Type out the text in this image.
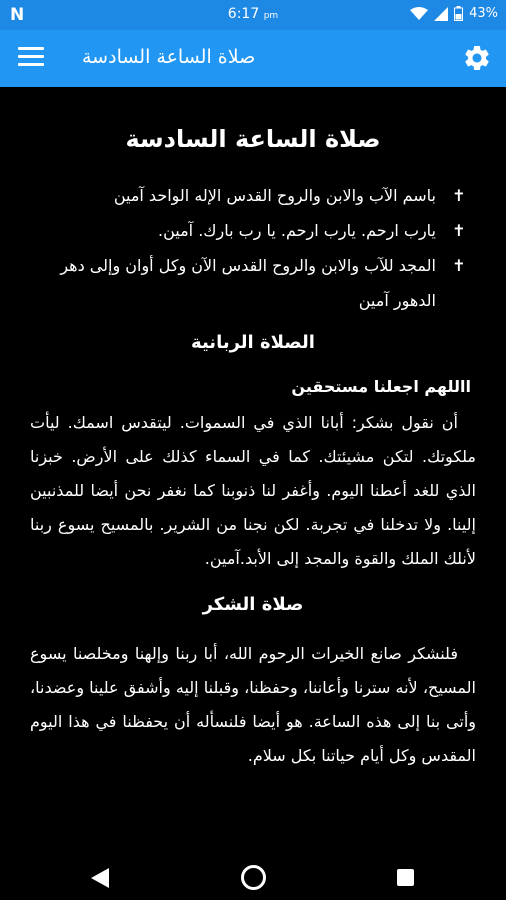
N	6:17 pm	43%
صلاة الساعة السادسة
صلاة الساعة السادسة
✝
باسم الآب والابن والروح القدس الإله الواحد آمين
✝
يارب ارحم. يارب ارحم. يا رب بارك. آمين.
✝
المجد للآب والابن والروح القدس الآن وكل أوان وإلى دهر الدهور آمين
الصلاة الربانية
االلهم اجعلنا مستحقين

أن نقول بشكر: أبانا الذي في السموات. ليتقدس اسمك. ليأت ملكوتك. لتكن مشيئتك. كما في السماء كذلك على الأرض. خبزنا الذي للغد أعطنا اليوم. وأغفر لنا ذنوبنا كما نغفر نحن أيضا للمذنبين إلينا. ولا تدخلنا في تجربة. لكن نجنا من الشرير. بالمسيح يسوع ربنا لأنلك الملك والقوة والمجد إلى الأبد.آمين.

صلاة الشكر

فلنشكر صانع الخيرات الرحوم الله، أبا ربنا وإلهنا ومخلصنا يسوع المسيح، لأنه سترنا وأعاننا، وحفظنا، وقبلنا إليه وأشفق علينا وعضدنا، وأتى بنا إلى هذه الساعة. هو أيضا فلنسأله أن يحفظنا في هذا اليوم المقدس وكل أيام حياتنا بكل سلام.
